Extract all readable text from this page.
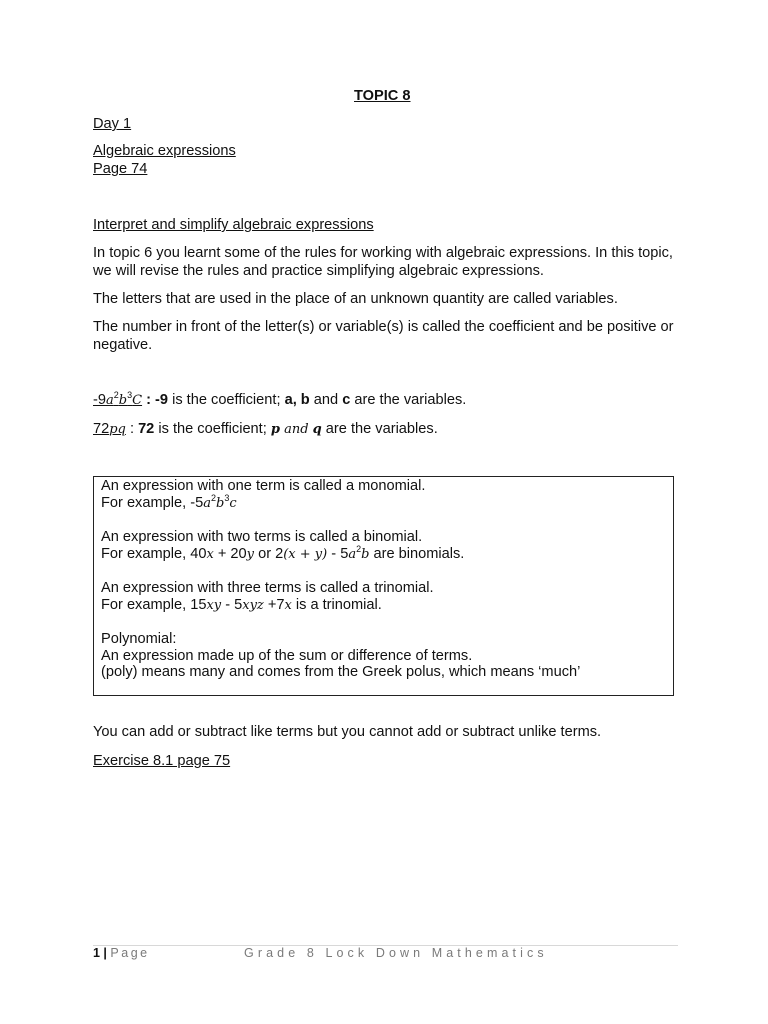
TOPIC 8

Day 1

Algebraic expressions

Page 74

Interpret and simplify algebraic expressions

In topic 6 you learnt some of the rules for working with algebraic expressions. In this topic, we will revise the rules and practice simplifying algebraic expressions.

The letters that are used in the place of an unknown quantity are called variables.

The number in front of the letter(s) or variable(s) is called the coefficient and be positive or negative.

$-9a^2b^3C$ : -9 is the coefficient; a, b and c are the variables.

72pq : 72 is the coefficient; p and q are the variables.

An expression with one term is called a monomial.
For example, $-5a^2b^3c$
An expression with two terms is called a binomial.
For example, 40x + 20y or $2(x + y) - 5a^2b$ are binomials.
An expression with three terms is called a trinomial.
For example, 15xy - 5xyz +7x is a trinomial.
Polynomial:
An expression made up of the sum or difference of terms.
(poly) means many and comes from the Greek polus, which means ‘much’

You can add or subtract like terms but you cannot add or subtract unlike terms.

Exercise 8.1 page 75

1 | Page	Grade 8 Lock Down Mathematics
